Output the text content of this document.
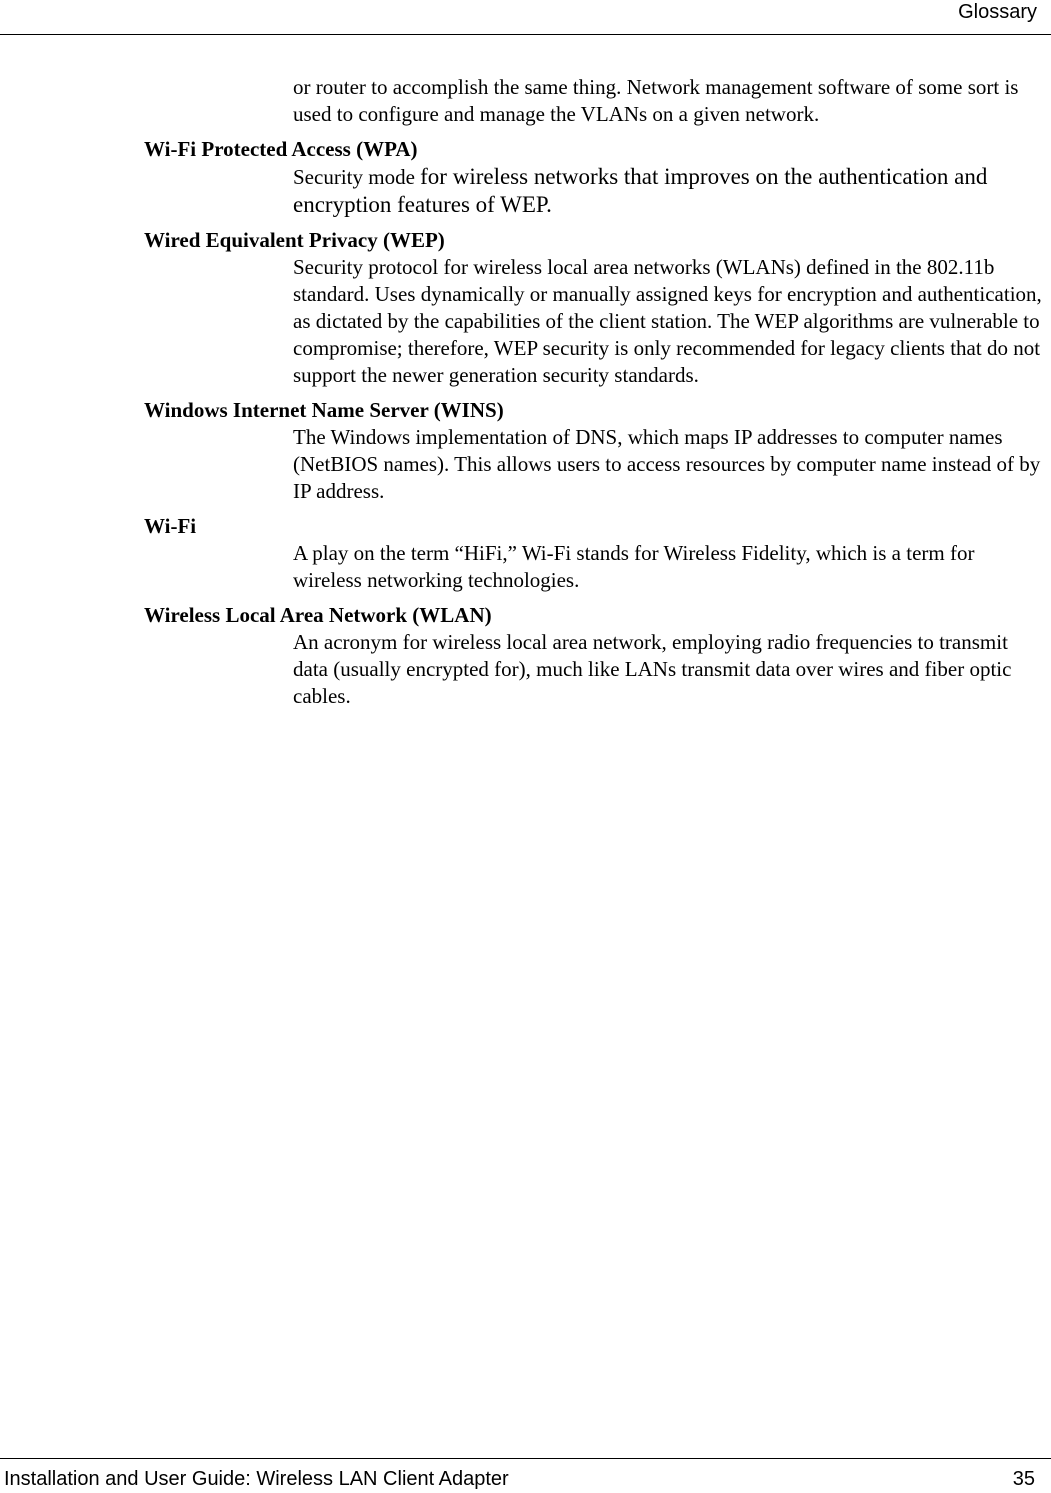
Glossary
or router to accomplish the same thing. Network management software of some sort is used to configure and manage the VLANs on a given network.
Wi-Fi Protected Access (WPA)
Security mode for wireless networks that improves on the authentication and encryption features of WEP.
Wired Equivalent Privacy (WEP)
Security protocol for wireless local area networks (WLANs) defined in the 802.11b standard. Uses dynamically or manually assigned keys for encryption and authentication, as dictated by the capabilities of the client station. The WEP algorithms are vulnerable to compromise; therefore, WEP security is only recommended for legacy clients that do not support the newer generation security standards.
Windows Internet Name Server (WINS)
The Windows implementation of DNS, which maps IP addresses to computer names (NetBIOS names). This allows users to access resources by computer name instead of by IP address.
Wi-Fi
A play on the term “HiFi,” Wi-Fi stands for Wireless Fidelity, which is a term for wireless networking technologies.
Wireless Local Area Network (WLAN)
An acronym for wireless local area network, employing radio frequencies to transmit data (usually encrypted for), much like LANs transmit data over wires and fiber optic cables.
Installation and User Guide: Wireless LAN Client Adapter	35
